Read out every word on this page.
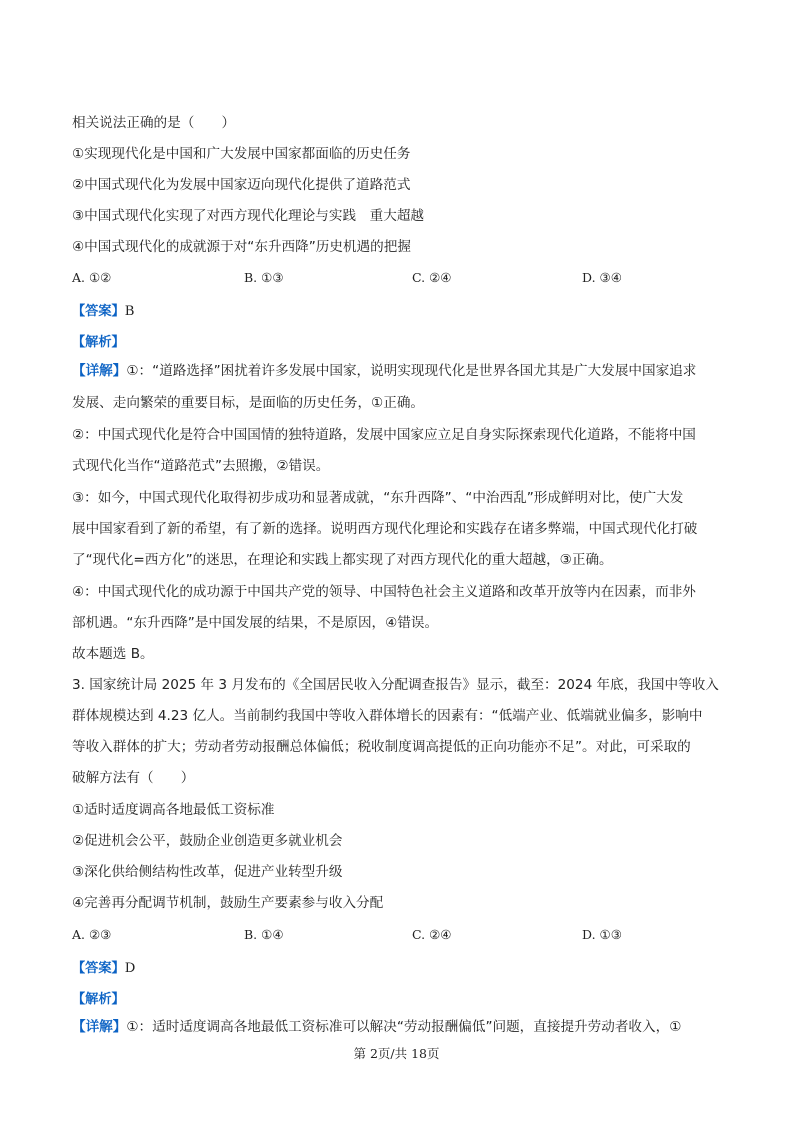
相关说法正确的是（　　）
①实现现代化是中国和广大发展中国家都面临的历史任务
②中国式现代化为发展中国家迈向现代化提供了道路范式
③中国式现代化实现了对西方现代化理论与实践　重大超越
④中国式现代化的成就源于对“东升西降”历史机遇的把握
A. ①②	B. ①③	C. ②④	D. ③④
【答案】B
【解析】
【详解】①：“道路选择”困扰着许多发展中国家，说明实现现代化是世界各国尤其是广大发展中国家追求
发展、走向繁荣的重要目标，是面临的历史任务，①正确。
②：中国式现代化是符合中国国情的独特道路，发展中国家应立足自身实际探索现代化道路，不能将中国
式现代化当作“道路范式”去照搬，②错误。
③：如今，中国式现代化取得初步成功和显著成就，“东升西降”、“中治西乱”形成鲜明对比，使广大发
展中国家看到了新的希望，有了新的选择。说明西方现代化理论和实践存在诸多弊端，中国式现代化打破
了“现代化=西方化”的迷思，在理论和实践上都实现了对西方现代化的重大超越，③正确。
④：中国式现代化的成功源于中国共产党的领导、中国特色社会主义道路和改革开放等内在因素，而非外
部机遇。“东升西降”是中国发展的结果，不是原因，④错误。
故本题选 B。
3. 国家统计局 2025 年 3 月发布的《全国居民收入分配调查报告》显示，截至：2024 年底，我国中等收入
群体规模达到 4.23 亿人。当前制约我国中等收入群体增长的因素有：“低端产业、低端就业偏多，影响中
等收入群体的扩大；劳动者劳动报酬总体偏低；税收制度调高提低的正向功能亦不足”。对此，可采取的
破解方法有（　　）
①适时适度调高各地最低工资标准
②促进机会公平，鼓励企业创造更多就业机会
③深化供给侧结构性改革，促进产业转型升级
④完善再分配调节机制，鼓励生产要素参与收入分配
A. ②③	B. ①④	C. ②④	D. ①③
【答案】D
【解析】
【详解】①：适时适度调高各地最低工资标准可以解决“劳动报酬偏低”问题，直接提升劳动者收入，①
第 2页/共 18页
